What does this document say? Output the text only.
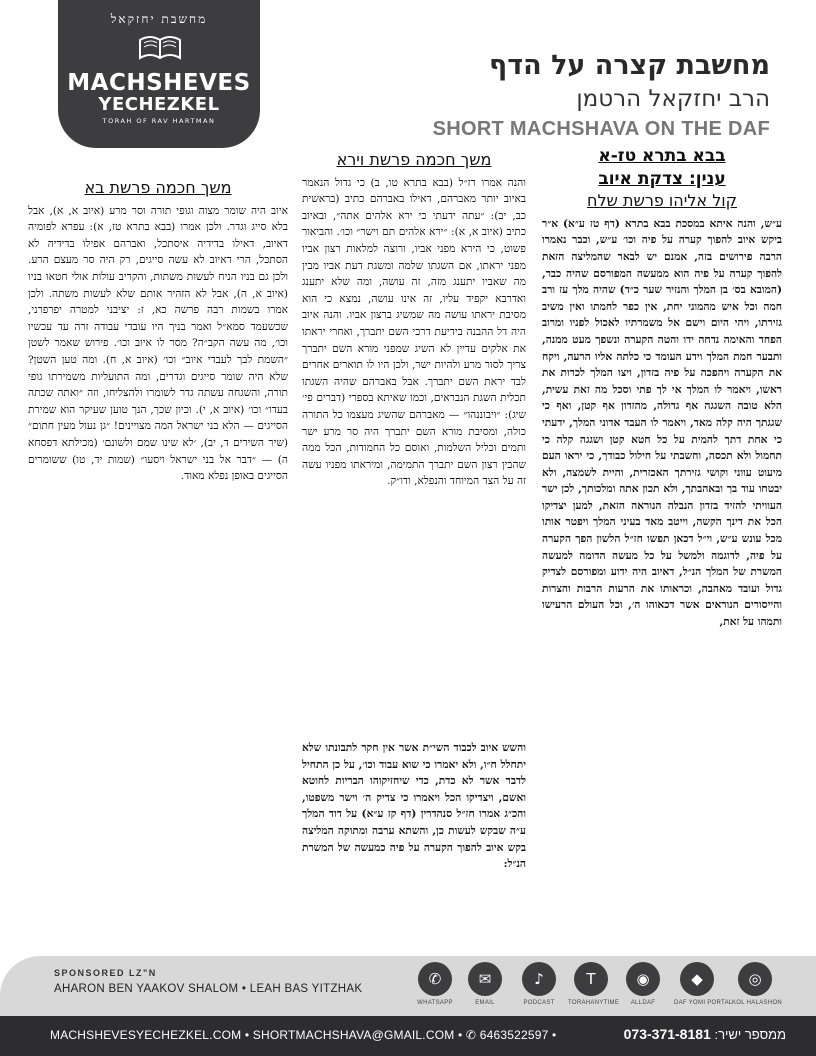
מחשבת יחזקאל
MACHSHEVES
YECHEZKEL
TORAH OF RAV HARTMAN
מחשבת קצרה על הדף
הרב יחזקאל הרטמן
SHORT MACHSHAVA ON THE DAF
בבא בתרא טז-א
ענין: צדקת איוב
קול אליהו פרשת שלח

ע״ש, והנה איתא במסכת בבא בתרא (דף טז ע״א) א״ר ביקש איוב להפוך קערה על פיה וכו׳ ע״ש, וכבר נאמרו הרבה פירושים בזה, אמנם יש לבאר שהמליצה הזאת להפוך קערה על פיה הוא ממעשה המפורסם שהיה כבר, (המובא בס׳ בן המלך והנזיר שער כ״ד) שהיה מלך עז ורב חמה וכל איש מהמוני יחת, אין כפר לחמתו ואין משיב גזירתו, ויהי היום וישם אל משמרתיו לאכול לפניו ומרוב הפחד והאימה נדחה ידו והטה הקערה ונשפך מעט ממנה, ותבער חמת המלך וידע העומד כי כלתה אליו הרעה, ויקח את הקערה ויהפכה על פיה בזדון, ויצו המלך לכרות את ראשו, ויאמר לו המלך אי לך פתי וסכל מה זאת עשית, הלא טובה השגגה אף גדולה, מהזדון אף קטן, ואף כי שגגתך היה קלה מאד, ויאמר לו העבד אדוני המלך, ידעתי כי אחת דתך להמית על כל חטא קטן ושגגה קלה כי תחמול ולא תכסה, וחשבתי על חילול כבודך, כי יראו העם מיעוט עווני וקושי גזירתך האכזרית, והיית לשמצה, ולא יבטחו עוד בך ובאהבתך, ולא תכון אתה ומלכותך, לכן ישר העוויתי להזיד בזדון הנבלה הנוראה הזאת, למען יצדיקו הכל את דינך הקשה, וייטב מאד בעיני המלך ויפטר אותו מכל עונש ע״ש, וי״ל דכאן תפשו חז״ל הלשון הפך הקערה על פיה, לדוגמה ולמשל על כל מעשה הדומה למעשה המשרת של המלך הנ״ל, דאיוב היה ידוע ומפורסם לצדיק גדול ועובד מאהבה, וכראותו את הרעות הרבות והצרות והייסורים הנוראים אשר דכאוהו ה׳, וכל העולם הרעישו ותמהו על זאת,

משך חכמה פרשת וירא

והנה אמרו רז״ל (בבא בתרא טו, ב) כי גדול הנאמר באיוב יותר מאברהם, דאילו באברהם כתיב (בראשית כב, יב): ״עתה ידעתי כי ירא אלהים אתה״, ובאיוב כתיב (איוב א, א): ״ירא אלהים תם וישר״ וכו׳. והביאור פשוט, כי הירא מפני אביו, ורוצה למלאות רצון אביו מפני יראתו, אם השגתו שלמה ומשגת דעת אביו מבין מה שאביו יתענג מזה, זה עושה, ומה שלא יתענג ואדרבא יקפיד עליו, זה אינו עושה, נמצא כי הוא מסיבת יראתו עושה מה שמשיג ברצון אביו. והנה איוב היה דל ההבנה בידיעת דרכי השם יתברך, ואחרי יראתו את אלקים עדיין לא השיג שמפני מורא השם יתברך צריך לסור מרע ולהיות ישר, ולכן היו לו תוארים אחרים לבד יראת השם יתברך. אבל באברהם שהיה השגתו תכלית השגת הנבראים, וכמו שאיתא בספרי (דברים פי׳ שיג): ״ויבוננהו״ — מאברהם שהשיג מעצמו כל התורה כולה, ומסיבת מורא השם יתברך היה סר מרע ישר ותמים וכליל השלמות, ואוסם כל החמודות, הכל ממה שהבין רצון השם יתברך התמימה, ומיראתו מפניו עשה זה על הצד המיוחד והנפלא, ודו״ק.

והשש איוב לכבוד השי״ת אשר אין חקר לתבונתו שלא יתחלל ח״ו, ולא יאמרו כי שוא עבוד וכו׳, על כן התחיל לדבר אשר לא כדת, כדי שיחזיקוהו הבריות לחוטא ואשם, ויצדיקו הכל ויאמרו כי צדיק ה׳ וישר משפטו, והכ״ג אמרו חז״ל סנהדרין (דף קז ע״א) על דוד המלך ע״ה שבקש לעשות כן, והשתא ערבה ומתוקה המליצה בקש איוב להפוך הקערה על פיה כמעשה של המשרת הנ״ל:

משך חכמה פרשת בא

איוב היה שומר מצוה וגופי תורה וסר מרע (איוב א, א), אבל בלא סייג וגדר. ולכן אמרו (בבא בתרא טז, א): עפרא לפומיה דאיוב, דאילו בדידיה איסתכל, ואברהם אפילו בדידיה לא הסתכל, הרי דאיוב לא עשה סייגים, רק היה סר מעצם הרע. ולכן גם בניו הניח לעשות משתות, והקריב עולות אולי חטאו בניו (איוב א, ה), אבל לא הזהיר אותם שלא לעשות משתה. ולכן אמרו בשמות רבה פרשה כא, ז: יציבני למטרה יפרפרני, שכשעמד סמא״ל ואמר בניך היו עובדי עבודה זרה עד עכשיו וכו׳, מה עשה הקב״ה? מסר לו איוב וכו׳. פירוש שאמר לשטן ״השמת לבך לעבדי איוב״ וכו׳ (איוב א, ח). ומה טען השטן? שלא היה שומר סייגים וגדרים, ומה התועליות משמירתו גופי תורה, והשגחה עשתה גדר לשומרו ולהצליחו, וזה ״ואתה שכתה בעדו״ וכו׳ (איוב א, י). וכיון שכך, הנך טוען שעיקר הוא שמירת הסייגים — הלא בני ישראל המה מצויינים! ״גן נעול מעין חתום״ (שיר השירים ד, יב), ׳לא שינו שמם ולשונם׳ (מכילתא דפסחא ה) — ״דבר אל בני ישראל ויסעו״ (שמות יד, טו) ששומרים הסייגים באופן נפלא מאוד.

SPONSORED LZ"N
AHARON BEN YAAKOV SHALOM • LEAH BAS YITZHAK
✆
WHATSAPP
✉
EMAIL
♪
PODCAST
T
TORAHANYTIME
◉
ALLDAF
◆
DAF YOMI PORTAL
◎
KOL HALASHON
MACHSHEVESYECHEZKEL.COM • SHORTMACHSHAVA@GMAIL.COM • ✆ 6463522597 •	ממספר ישיר: 073-371-8181
